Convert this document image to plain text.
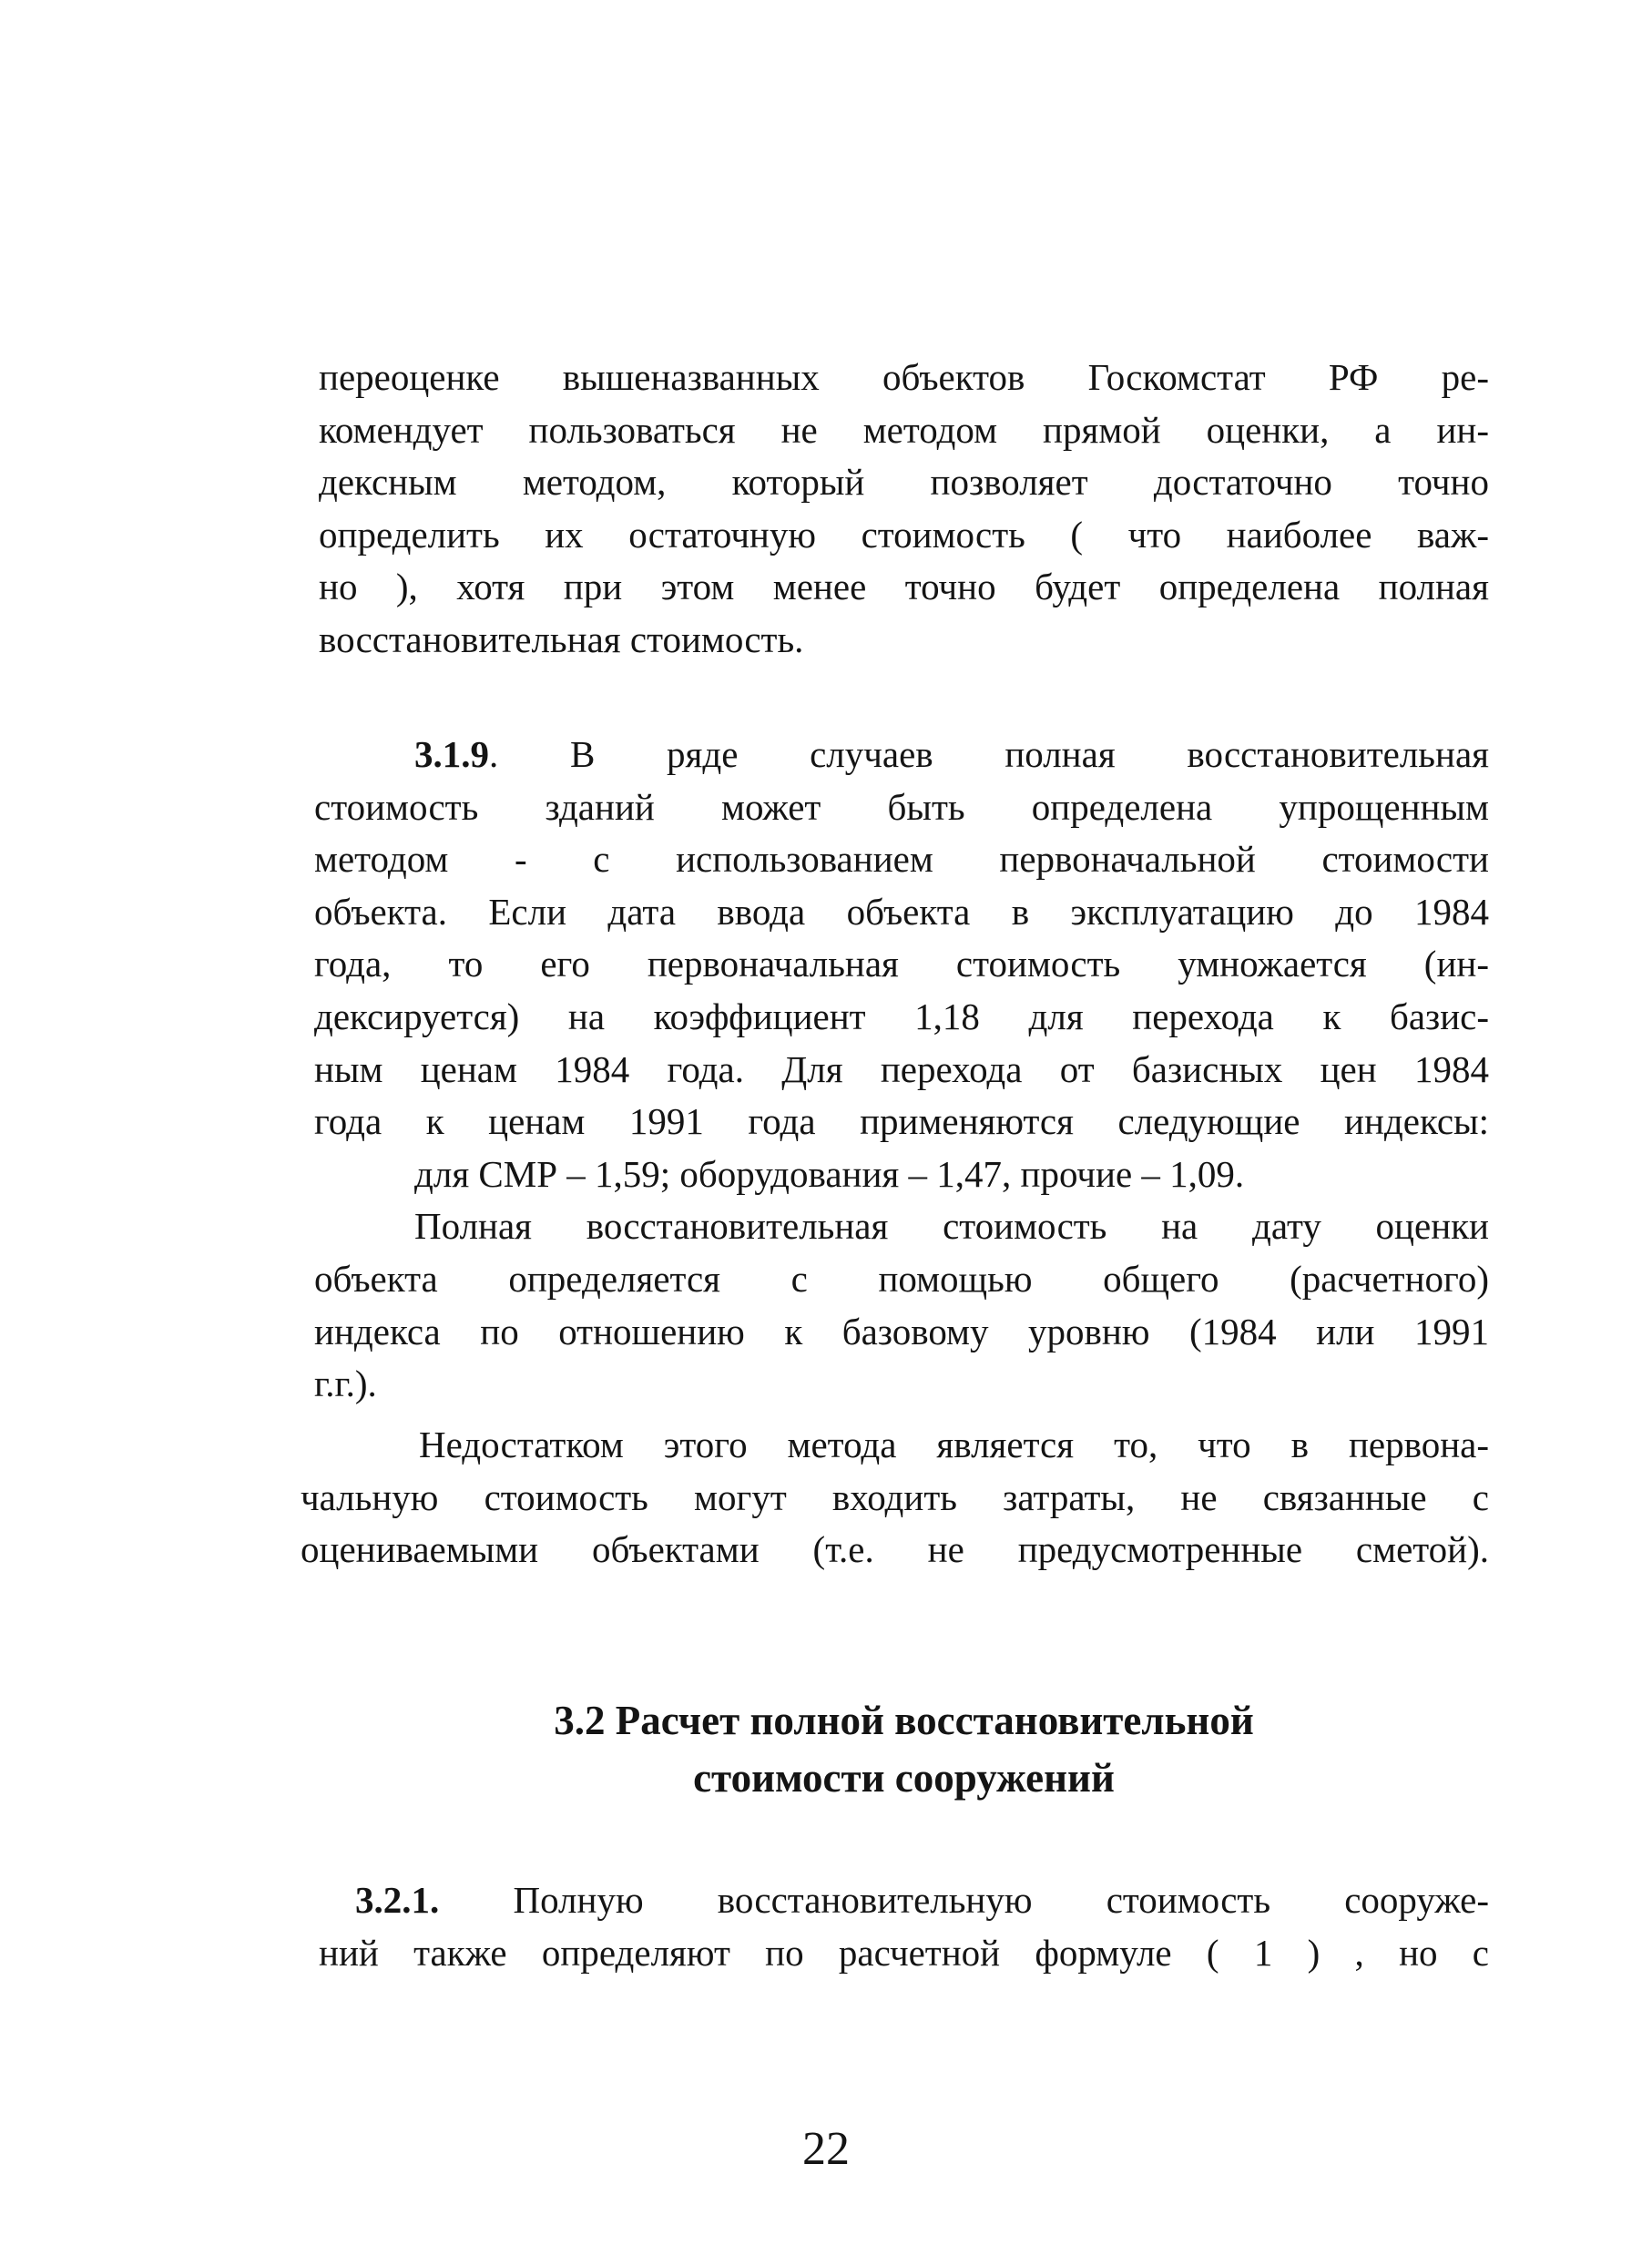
переоценке вышеназванных объектов Госкомстат РФ ре-
комендует пользоваться не методом прямой оценки, а ин-
дексным методом, который позволяет достаточно точно
определить их остаточную стоимость ( что наиболее важ-
но ), хотя при этом менее точно будет определена полная
восстановительная стоимость.
3.1.9. В ряде случаев полная восстановительная
стоимость зданий может быть определена упрощенным
методом - с использованием первоначальной стоимости
объекта. Если дата ввода объекта в эксплуатацию до 1984
года, то его первоначальная стоимость умножается (ин-
дексируется) на коэффициент 1,18 для перехода к базис-
ным ценам 1984 года. Для перехода от базисных цен 1984
года к ценам 1991 года применяются следующие индексы:
для СМР – 1,59; оборудования – 1,47, прочие – 1,09.
Полная восстановительная стоимость на дату оценки
объекта определяется с помощью общего (расчетного)
индекса по отношению к базовому уровню (1984 или 1991
г.г.).
Недостатком этого метода является то, что в первона-
чальную стоимость могут входить затраты, не связанные с
оцениваемыми объектами (т.е. не предусмотренные сметой).
3.2 Расчет полной восстановительной
стоимости сооружений
3.2.1. Полную восстановительную стоимость сооруже-
ний также определяют по расчетной формуле ( 1 ) , но с
22
